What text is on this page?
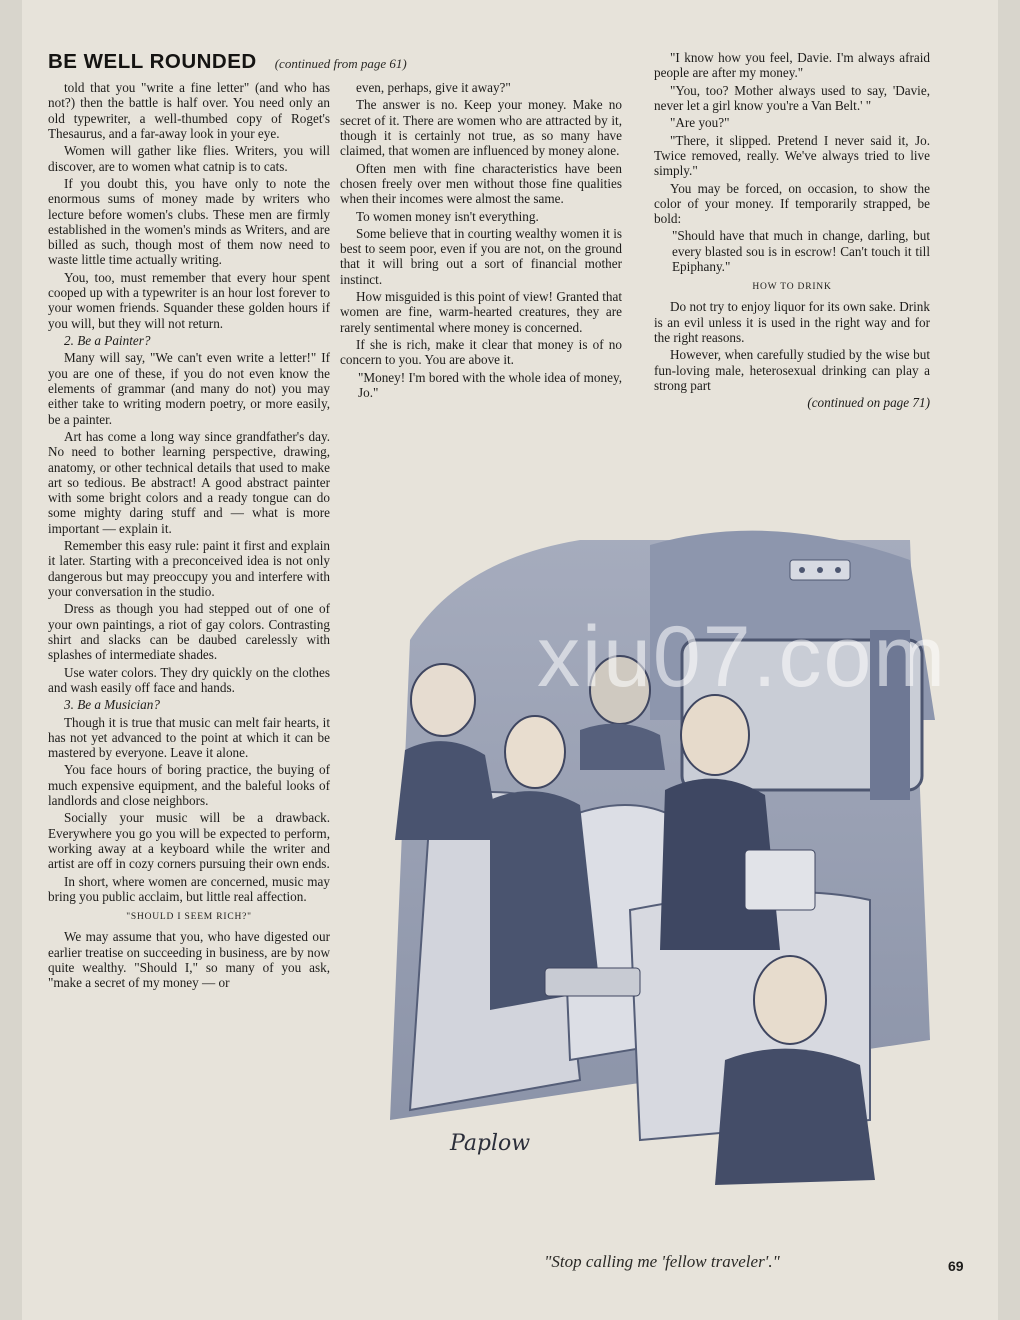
BE WELL ROUNDED (continued from page 61)

told that you "write a fine letter" (and who has not?) then the battle is half over. You need only an old typewriter, a well-thumbed copy of Roget's Thesaurus, and a far-away look in your eye.

Women will gather like flies. Writers, you will discover, are to women what catnip is to cats.

If you doubt this, you have only to note the enormous sums of money made by writers who lecture before women's clubs. These men are firmly established in the women's minds as Writers, and are billed as such, though most of them now need to waste little time actually writing.

You, too, must remember that every hour spent cooped up with a typewriter is an hour lost forever to your women friends. Squander these golden hours if you will, but they will not return.

2. Be a Painter?

Many will say, "We can't even write a letter!" If you are one of these, if you do not even know the elements of grammar (and many do not) you may either take to writing modern poetry, or more easily, be a painter.

Art has come a long way since grandfather's day. No need to bother learning perspective, drawing, anatomy, or other technical details that used to make art so tedious. Be abstract! A good abstract painter with some bright colors and a ready tongue can do some mighty daring stuff and — what is more important — explain it.

Remember this easy rule: paint it first and explain it later. Starting with a preconceived idea is not only dangerous but may preoccupy you and interfere with your conversation in the studio.

Dress as though you had stepped out of one of your own paintings, a riot of gay colors. Contrasting shirt and slacks can be daubed carelessly with splashes of intermediate shades.

Use water colors. They dry quickly on the clothes and wash easily off face and hands.

3. Be a Musician?

Though it is true that music can melt fair hearts, it has not yet advanced to the point at which it can be mastered by everyone. Leave it alone.

You face hours of boring practice, the buying of much expensive equipment, and the baleful looks of landlords and close neighbors.

Socially your music will be a drawback. Everywhere you go you will be expected to perform, working away at a keyboard while the writer and artist are off in cozy corners pursuing their own ends.

In short, where women are concerned, music may bring you public acclaim, but little real affection.

"SHOULD I SEEM RICH?"

We may assume that you, who have digested our earlier treatise on succeeding in business, are by now quite wealthy. "Should I," so many of you ask, "make a secret of my money — or

even, perhaps, give it away?"

The answer is no. Keep your money. Make no secret of it. There are women who are attracted by it, though it is certainly not true, as so many have claimed, that women are influenced by money alone.

Often men with fine characteristics have been chosen freely over men without those fine qualities when their incomes were almost the same.

To women money isn't everything.

Some believe that in courting wealthy women it is best to seem poor, even if you are not, on the ground that it will bring out a sort of financial mother instinct.

How misguided is this point of view! Granted that women are fine, warm-hearted creatures, they are rarely sentimental where money is concerned.

If she is rich, make it clear that money is of no concern to you. You are above it.

"Money! I'm bored with the whole idea of money, Jo."

"I know how you feel, Davie. I'm always afraid people are after my money."

"You, too? Mother always used to say, 'Davie, never let a girl know you're a Van Belt.' "

"Are you?"

"There, it slipped. Pretend I never said it, Jo. Twice removed, really. We've always tried to live simply."

You may be forced, on occasion, to show the color of your money. If temporarily strapped, be bold:

"Should have that much in change, darling, but every blasted sou is in escrow! Can't touch it till Epiphany."

HOW TO DRINK

Do not try to enjoy liquor for its own sake. Drink is an evil unless it is used in the right way and for the right reasons.

However, when carefully studied by the wise but fun-loving male, heterosexual drinking can play a strong part

(continued on page 71)

Paplow
xiu07.com
"Stop calling me 'fellow traveler'."	69
